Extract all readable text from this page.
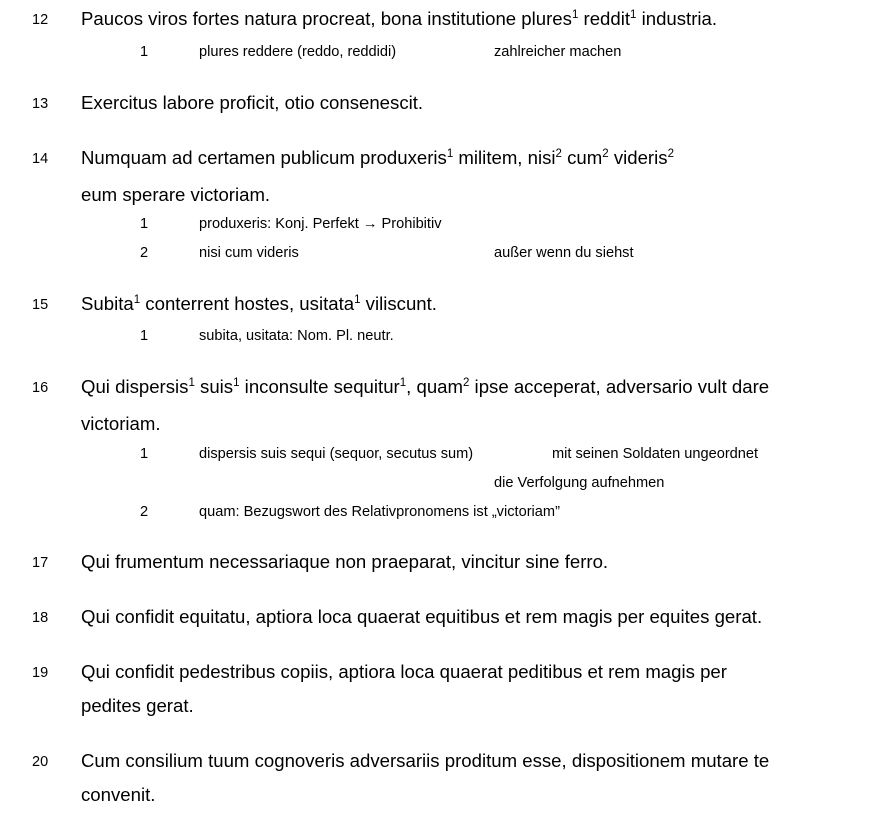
12	Paucos viros fortes natura procreat, bona institutione plures$^1$ reddit$^1$ industria.

1	plures reddere (reddo, reddidi)	zahlreicher machen
13	Exercitus labore proficit, otio consenescit.

14	Numquam ad certamen publicum produxeris$^1$ militem, nisi$^2$ cum$^2$ videris$^2$
eum sperare victoriam.

1	produxeris: Konj. Perfekt → Prohibitiv
2	nisi cum videris	außer wenn du siehst
15	Subita$^1$ conterrent hostes, usitata$^1$ viliscunt.

1	subita, usitata: Nom. Pl. neutr.
16	Qui dispersis$^1$ suis$^1$ inconsulte sequitur$^1$, quam$^2$ ipse acceperat, adversario vult dare
victoriam.

1	dispersis suis sequi (sequor, secutus sum)	mit seinen Soldaten ungeordnet
die Verfolgung aufnehmen
2	quam: Bezugswort des Relativpronomens ist „victoriam”
17	Qui frumentum necessariaque non praeparat, vincitur sine ferro.

18	Qui confidit equitatu, aptiora loca quaerat equitibus et rem magis per equites gerat.

19	Qui confidit pedestribus copiis, aptiora loca quaerat peditibus et rem magis per
pedites gerat.

20	Cum consilium tuum cognoveris adversariis proditum esse, dispositionem mutare te
convenit.
